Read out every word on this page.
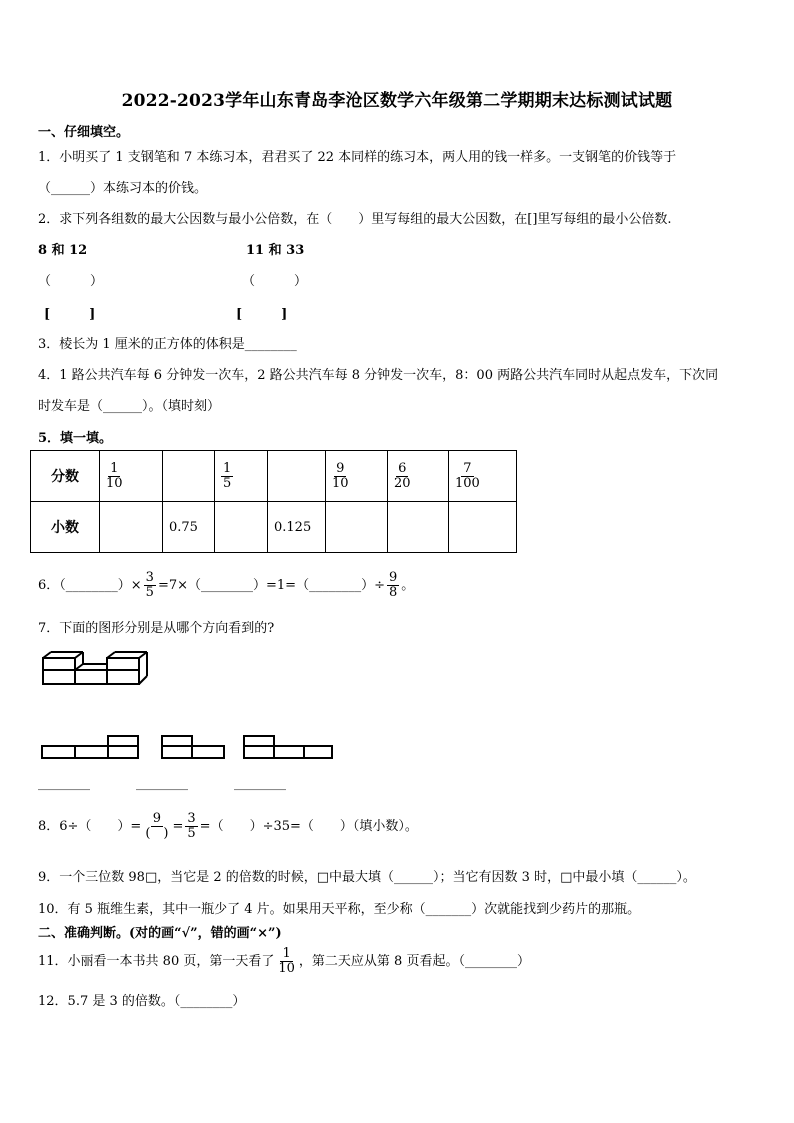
2022-2023学年山东青岛李沧区数学六年级第二学期期末达标测试试题
一、仔细填空。
1．小明买了 1 支钢笔和 7 本练习本，君君买了 22 本同样的练习本，两人用的钱一样多。一支钢笔的价钱等于
（______）本练习本的价钱。
2．求下列各组数的最大公因数与最小公倍数，在（　　）里写每组的最大公因数，在[]里写每组的最小公倍数.
8 和 12	11 和 33
（　　　）	（　　　）
[　　　]	[　　　]
3．棱长为 1 厘米的正方体的体积是________
4．1 路公共汽车每 6 分钟发一次车，2 路公共汽车每 8 分钟发一次车，8：00 两路公共汽车同时从起点发车，下次同
时发车是（______）。（填时刻）
5．填一填。
分数	$\frac{1}{10}$		$\frac{1}{5}$		$\frac{9}{10}$	$\frac{6}{20}$	$\frac{7}{100}$

小数		0.75		0.125			
6．（________）× $\frac{3}{5}$ =7×（________）=1=（________）÷ $\frac{9}{8}$ 。
7．下面的图形分别是从哪个方向看到的?
________	________	________
8．6÷（　　）= $\frac{9}{( )} = \frac{3}{5}$ =（　　）÷35=（　　）（填小数）。
9．一个三位数 98□，当它是 2 的倍数的时候，□中最大填（______）；当它有因数 3 时，□中最小填（______）。
10．有 5 瓶维生素，其中一瓶少了 4 片。如果用天平称，至少称（_______）次就能找到少药片的那瓶。
二、准确判断。(对的画“√”，错的画“×”)
11．小丽看一本书共 80 页，第一天看了 $\frac{1}{10}$ ，第二天应从第 8 页看起。（________）
12．5.7 是 3 的倍数。（________）
